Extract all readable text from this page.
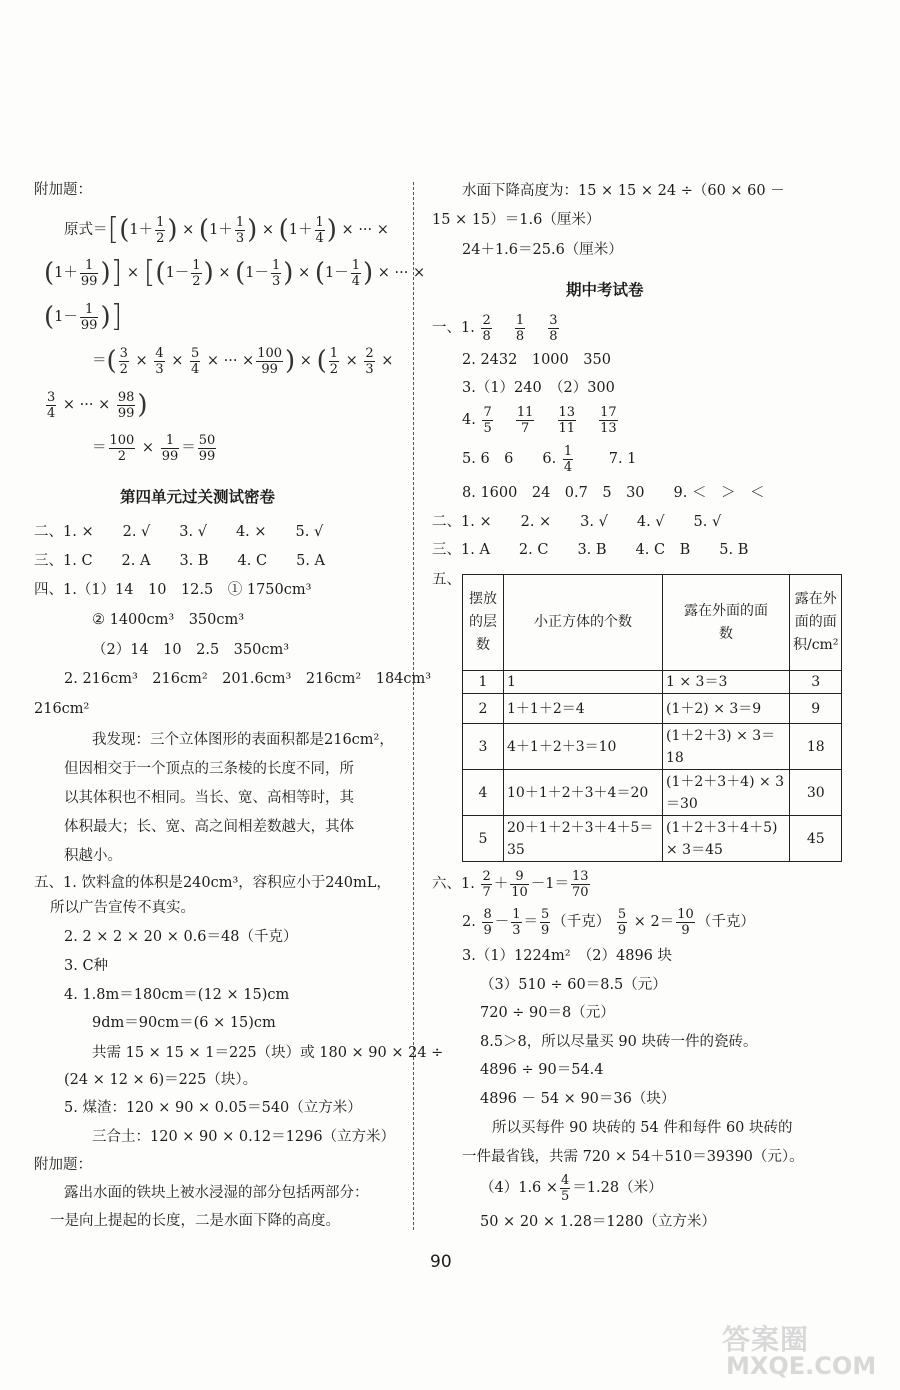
附加题：
原式$=[(1+ \frac{1}{2}$ ) × ($1+ \frac{1}{3}$ ) × ($1+ \frac{1}{4}$ ) × ··· ×
($1+ \frac{1}{99}$ )] × [($1- \frac{1}{2}$ ) × ($1- \frac{1}{3}$ ) × ($1- \frac{1}{4}$ ) × ··· ×
($1- \frac{1}{99}$ )]
＝( $\frac{3}{2} \times \frac{4}{3} \times \frac{5}{4}$ × ··· × $\frac{100}{99}$ ) × ( $\frac{1}{2} \times \frac{2}{3}$ ×
$\frac{3}{4}$ × ··· × $\frac{98}{99}$ )
＝ $\frac{100}{2} \times \frac{1}{99} = \frac{50}{99}$
第四单元过关测试密卷
二、1. ×　　2. √　　3. √　　4. ×　　5. √
三、1. C　　2. A　　3. B　　4. C　　5. A
四、1.（1）14　10　12.5　① 1750cm³
② 1400cm³　350cm³
（2）14　10　2.5　350cm³
2. 216cm³　216cm²　201.6cm³　216cm²　184cm³
216cm²
我发现：三个立体图形的表面积都是216cm²，
但因相交于一个顶点的三条棱的长度不同，所
以其体积也不相同。当长、宽、高相等时，其
体积最大；长、宽、高之间相差数越大，其体
积越小。
五、1. 饮料盒的体积是240cm³，容积应小于240mL，
所以广告宣传不真实。
2. 2 × 2 × 20 × 0.6＝48（千克）
3. C种
4. 1.8m＝180cm＝(12 × 15)cm
9dm＝90cm＝(6 × 15)cm
共需 15 × 15 × 1＝225（块）或 180 × 90 × 24 ÷
(24 × 12 × 6)＝225（块）。
5. 煤渣：120 × 90 × 0.05＝540（立方米）
三合土：120 × 90 × 0.12＝1296（立方米）
附加题：
露出水面的铁块上被水浸湿的部分包括两部分：
一是向上提起的长度，二是水面下降的高度。
水面下降高度为：15 × 15 × 24 ÷（60 × 60 －
15 × 15）＝1.6（厘米）
24＋1.6＝25.6（厘米）
期中考试卷
一、1. $\frac{2}{8}$
　 $\frac{1}{8}$
　 $\frac{3}{8}$
2. 2432　1000　350
3.（1）240　（2）300
4. $\frac{7}{5}$
　 $\frac{11}{7}$
　 $\frac{13}{11}$
　 $\frac{17}{13}$
5. 6　6　　6. $\frac{1}{4}$
　　 7. 1
8. 1600　24　0.7　5　30　　9. ＜　＞　＜
二、1. ×　　2. ×　　3. √　　4. √　　5. √
三、1. A　　2. C　　3. B　　4. C　B　　5. B
五、
摆放的层数	小正方体的个数	露在外面的面数	露在外面的面积/cm²
1	1	1 × 3＝3	3
2	1＋1＋2＝4	(1＋2) × 3＝9	9
3	4＋1＋2＋3＝10	(1＋2＋3) × 3＝18	18
4	10＋1＋2＋3＋4＝20	(1＋2＋3＋4) × 3＝30	30
5	20＋1＋2＋3＋4＋5＝35	(1＋2＋3＋4＋5) × 3＝45	45
六、1. $\frac{2}{7} + \frac{9}{10} -1= \frac{13}{70}$
2. $\frac{8}{9} - \frac{1}{3} = \frac{5}{9}$ （千克） $\frac{5}{9} \times 2= \frac{10}{9}$ （千克）
3.（1）1224m²　（2）4896 块
（3）510 ÷ 60＝8.5（元）
720 ÷ 90＝8（元）
8.5＞8，所以尽量买 90 块砖一件的瓷砖。
4896 ÷ 90＝54.4
4896 － 54 × 90＝36（块）
所以买每件 90 块砖的 54 件和每件 60 块砖的
一件最省钱，共需 720 × 54＋510＝39390（元）。
$(4)1.6 \times \frac{4}{5} =1.28$（米）
50 × 20 × 1.28＝1280（立方米）
90
答案圈
MXQE.COM
